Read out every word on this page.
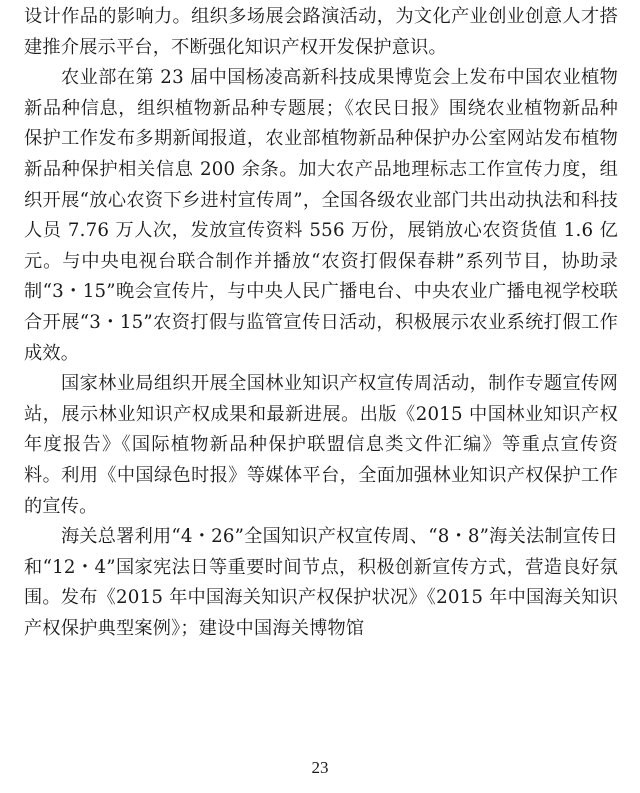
设计作品的影响力。组织多场展会路演活动，为文化产业创业创意人才搭建推介展示平台，不断强化知识产权开发保护意识。

农业部在第 23 届中国杨凌高新科技成果博览会上发布中国农业植物新品种信息，组织植物新品种专题展；《农民日报》围绕农业植物新品种保护工作发布多期新闻报道，农业部植物新品种保护办公室网站发布植物新品种保护相关信息 200 余条。加大农产品地理标志工作宣传力度，组织开展“放心农资下乡进村宣传周”，全国各级农业部门共出动执法和科技人员 7.76 万人次，发放宣传资料 556 万份，展销放心农资货值 1.6 亿元。与中央电视台联合制作并播放“农资打假保春耕”系列节目，协助录制“3・15”晚会宣传片，与中央人民广播电台、中央农业广播电视学校联合开展“3・15”农资打假与监管宣传日活动，积极展示农业系统打假工作成效。

国家林业局组织开展全国林业知识产权宣传周活动，制作专题宣传网站，展示林业知识产权成果和最新进展。出版《2015 中国林业知识产权年度报告》《国际植物新品种保护联盟信息类文件汇编》等重点宣传资料。利用《中国绿色时报》等媒体平台，全面加强林业知识产权保护工作的宣传。

海关总署利用“4・26”全国知识产权宣传周、“8・8”海关法制宣传日和“12・4”国家宪法日等重要时间节点，积极创新宣传方式，营造良好氛围。发布《2015 年中国海关知识产权保护状况》《2015 年中国海关知识产权保护典型案例》；建设中国海关博物馆

23
